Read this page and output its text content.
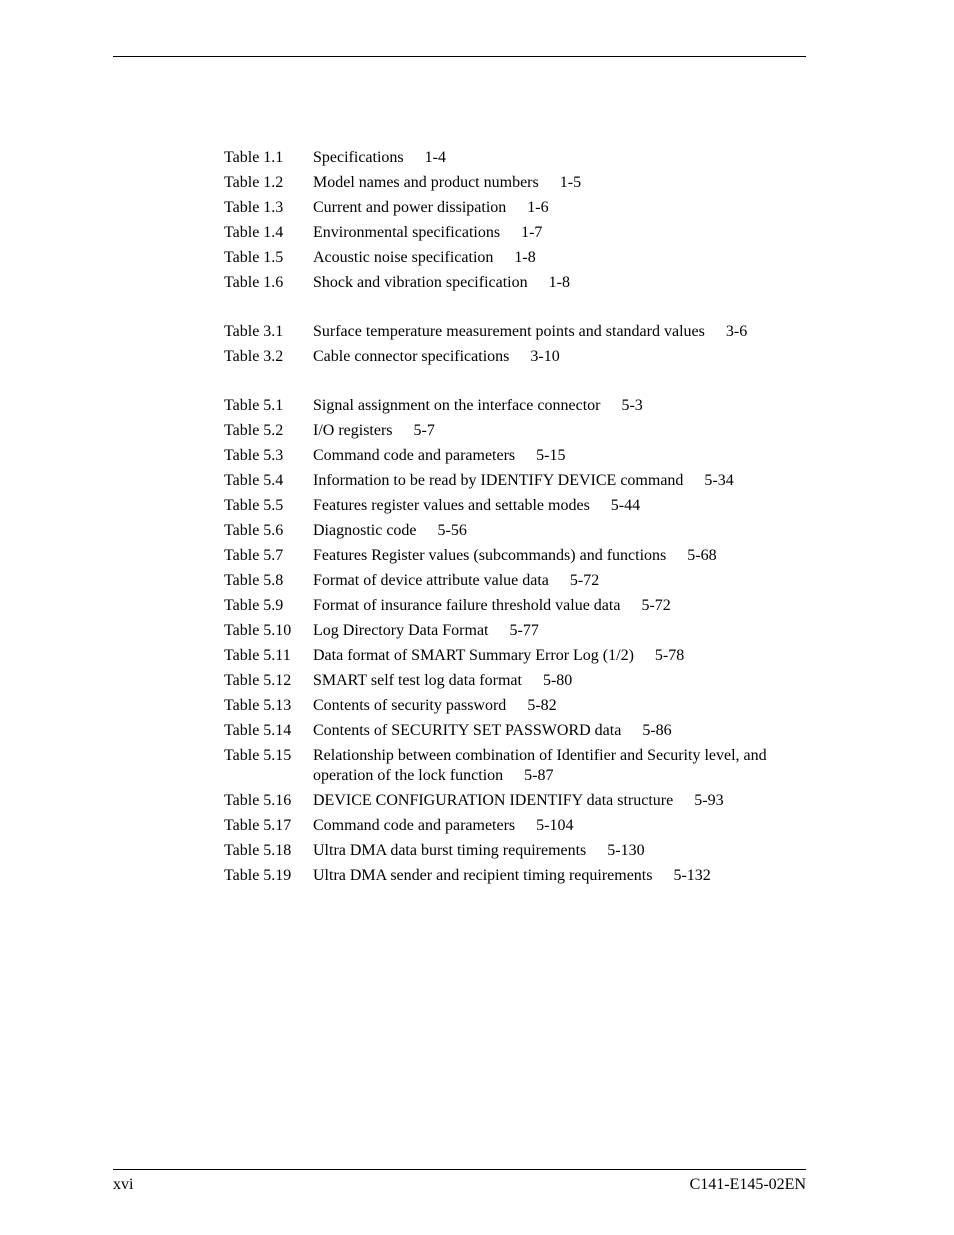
Table 1.1	Specifications 1-4
Table 1.2	Model names and product numbers 1-5
Table 1.3	Current and power dissipation 1-6
Table 1.4	Environmental specifications 1-7
Table 1.5	Acoustic noise specification 1-8
Table 1.6	Shock and vibration specification 1-8
Table 3.1	Surface temperature measurement points and standard values 3-6
Table 3.2	Cable connector specifications 3-10
Table 5.1	Signal assignment on the interface connector 5-3
Table 5.2	I/O registers 5-7
Table 5.3	Command code and parameters 5-15
Table 5.4	Information to be read by IDENTIFY DEVICE command 5-34
Table 5.5	Features register values and settable modes 5-44
Table 5.6	Diagnostic code 5-56
Table 5.7	Features Register values (subcommands) and functions 5-68
Table 5.8	Format of device attribute value data 5-72
Table 5.9	Format of insurance failure threshold value data 5-72
Table 5.10	Log Directory Data Format 5-77
Table 5.11	Data format of SMART Summary Error Log (1/2) 5-78
Table 5.12	SMART self test log data format 5-80
Table 5.13	Contents of security password 5-82
Table 5.14	Contents of SECURITY SET PASSWORD data 5-86
Table 5.15	Relationship between combination of Identifier and Security level, and operation of the lock function 5-87
Table 5.16	DEVICE CONFIGURATION IDENTIFY data structure 5-93
Table 5.17	Command code and parameters 5-104
Table 5.18	Ultra DMA data burst timing requirements 5-130
Table 5.19	Ultra DMA sender and recipient timing requirements 5-132
xvi	C141-E145-02EN
